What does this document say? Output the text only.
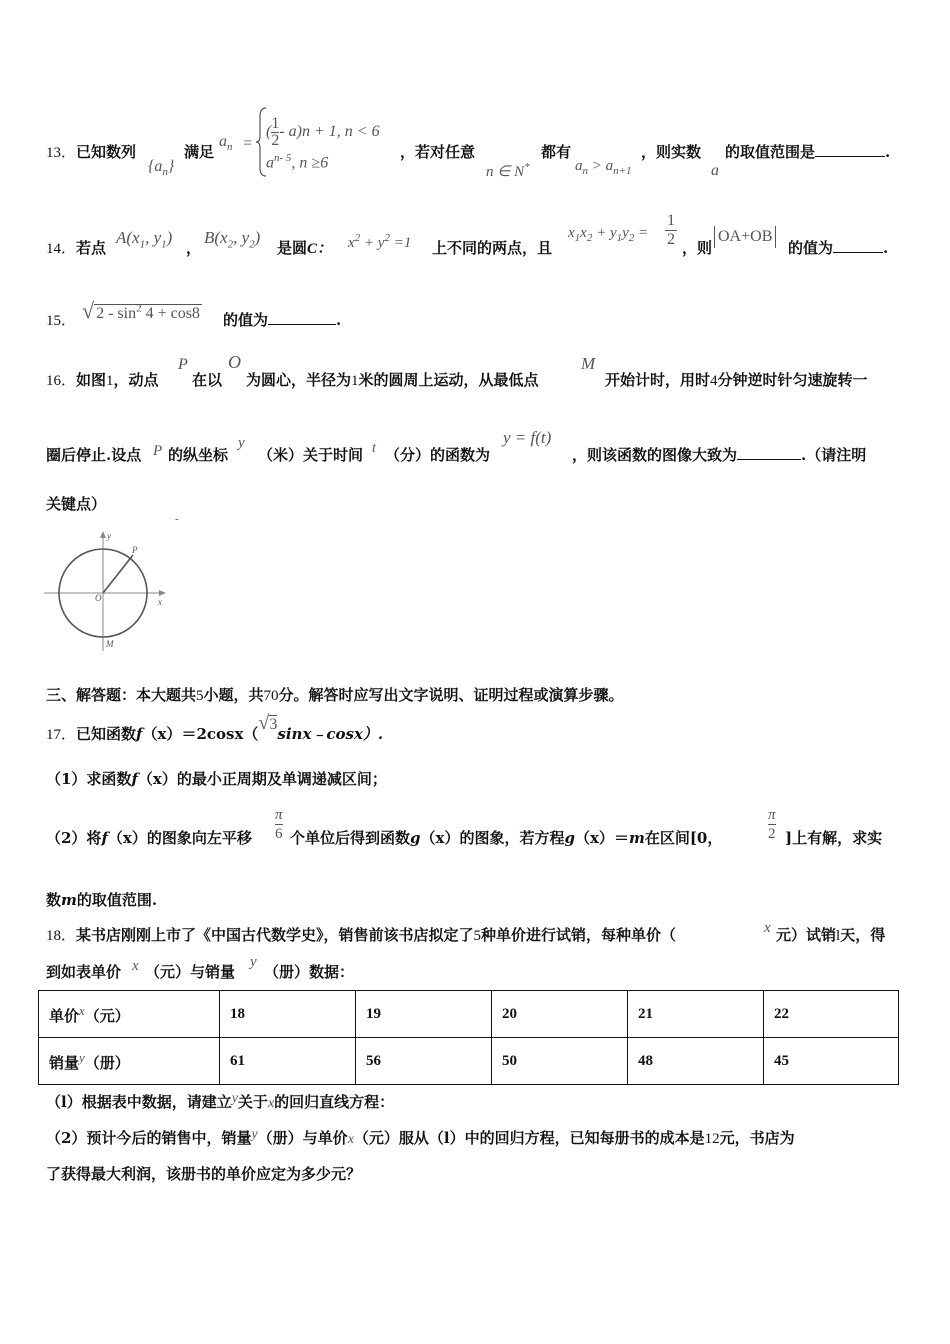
13．已知数列
$\{a_n\}$
满足
$a_n$ =
( $\frac{1}{2} - a)n + 1$, n < 6
$a^{n- 5}$, n ≥6
，若对任意
n ∈ N*
都有
$a_n > a_{n+1}$
，则实数
a
的取值范围是	.
14．若点
$A(x_1$, $y_1$)
，
$B(x_2$, $y_2$)
是圆C： $x^2 + y^2 =1$ 上不同的两点，且
$x_1x_2 + y_1y_2$ =
1
2 ，则
OA+OB
的值为	.
15． √ $2 - \sin^2 4 + \cos 8$ 的值为	.
16．如图1，动点
P
在以
O
为圆心，半径为1米的圆周上运动，从最低点
M
开始计时，用时4分钟逆时针匀速旋转一
圈后停止.设点 P 的纵坐标
y
（米）关于时间 t （分）的函数为
y = f(t)
，则该函数的图像大致为	.（请注明
关键点）
-
y
x
O
P
M
三、解答题：本大题共5小题，共70分。解答时应写出文字说明、证明过程或演算步骤。
17．已知函数f（x）＝2cosx（√3sinx﹣cosx）.
（1）求函数f（x）的最小正周期及单调递减区间；
（2）将f（x）的图象向左平移
π
6 个单位后得到函数g（x）的图象，若方程g（x）＝m在区间[0，
π
2 ]上有解，求实
数m的取值范围.
18．某书店刚刚上市了《中国古代数学史》，销售前该书店拟定了5种单价进行试销，每种单价（	x 元）试销l天，得
到如表单价 x （元）与销量
y
（册）数据：
单价$^x$（元）	18	19	20	21	22
销量$^y$（册）	61	56	50	48	45
（l）根据表中数据，请建立y关于x的回归直线方程：
（2）预计今后的销售中，销量y（册）与单价x（元）服从（l）中的回归方程，已知每册书的成本是12元，书店为
了获得最大利润，该册书的单价应定为多少元？
